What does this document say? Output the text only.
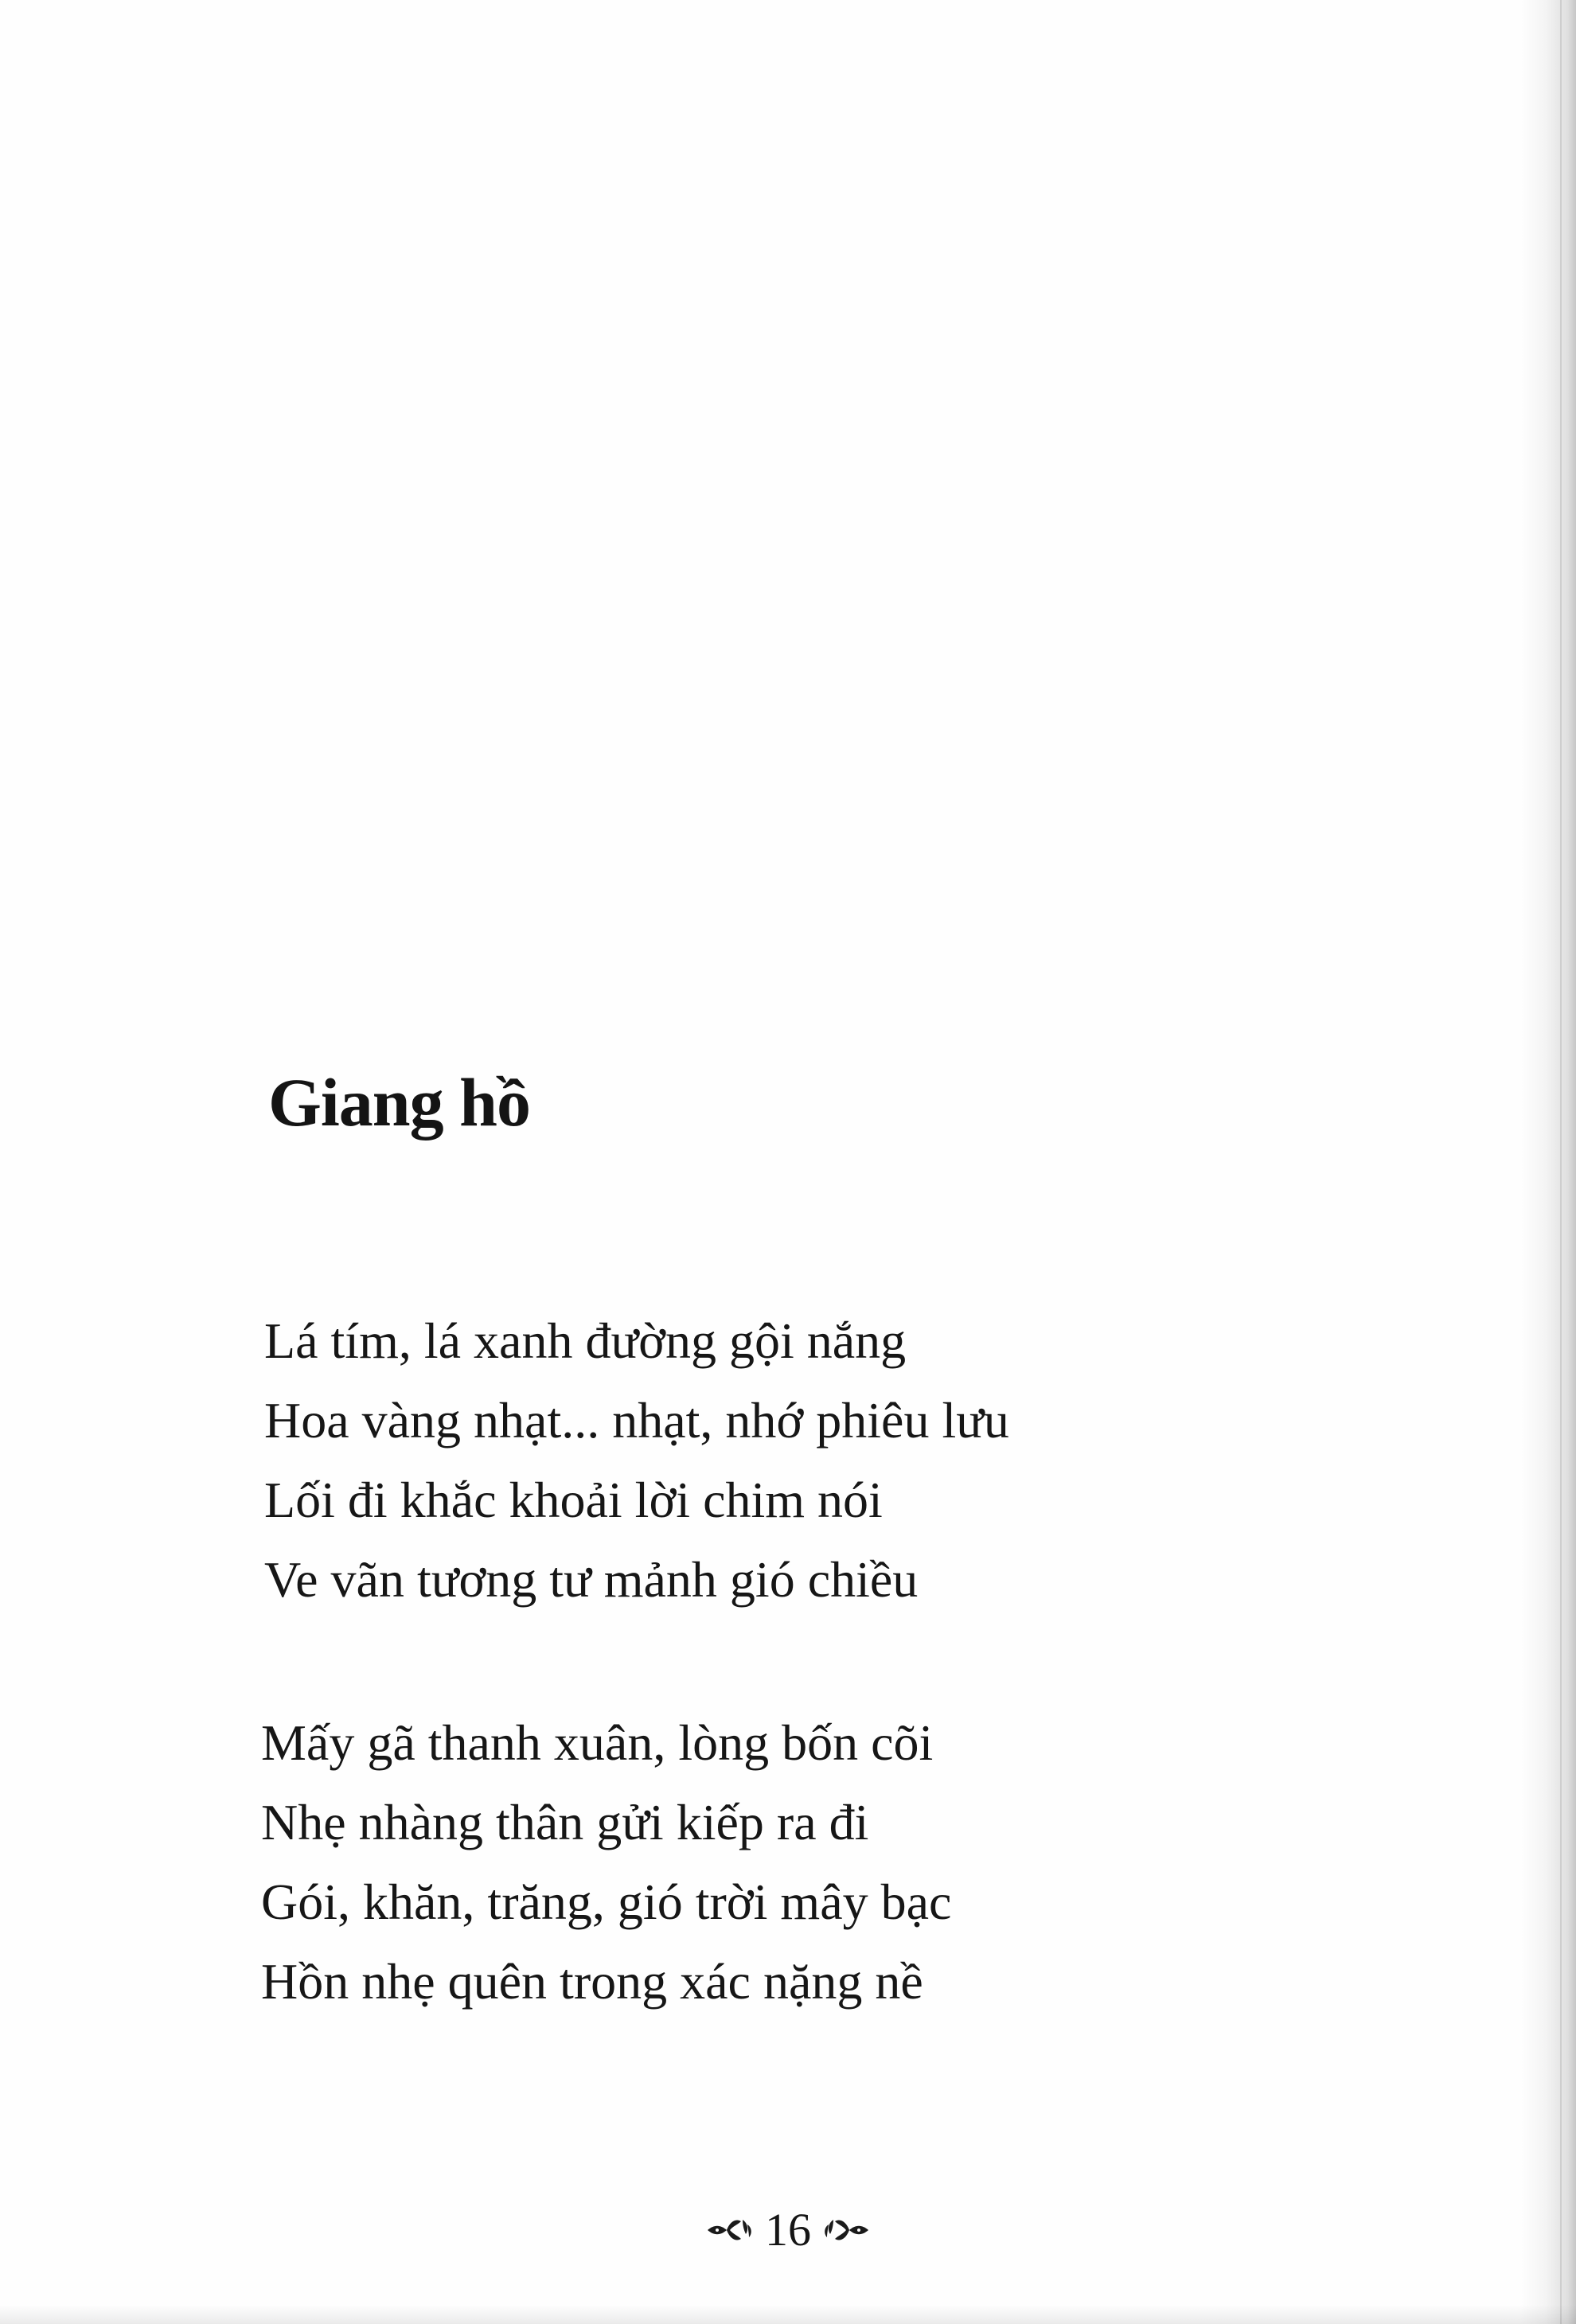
Giang hồ
Lá tím, lá xanh đường gội nắng
Hoa vàng nhạt... nhạt, nhớ phiêu lưu
Lối đi khắc khoải lời chim nói
Ve vãn tương tư mảnh gió chiều
Mấy gã thanh xuân, lòng bốn cõi
Nhẹ nhàng thân gửi kiếp ra đi
Gói, khăn, trăng, gió trời mây bạc
Hồn nhẹ quên trong xác nặng nề
16
